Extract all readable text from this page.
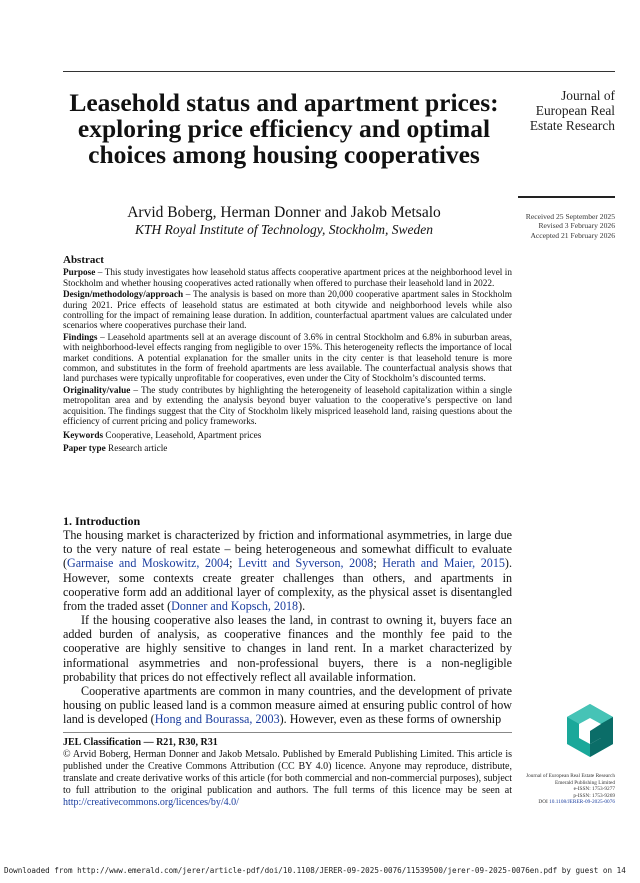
Journal of
European Real
Estate Research
Leasehold status and apartment prices: exploring price efficiency and optimal choices among housing cooperatives
Arvid Boberg, Herman Donner and Jakob Metsalo
KTH Royal Institute of Technology, Stockholm, Sweden
Received 25 September 2025
Revised 3 February 2026
Accepted 21 February 2026
Abstract

Purpose – This study investigates how leasehold status affects cooperative apartment prices at the neighborhood level in Stockholm and whether housing cooperatives acted rationally when offered to purchase their leasehold land in 2022.

Design/methodology/approach – The analysis is based on more than 20,000 cooperative apartment sales in Stockholm during 2021. Price effects of leasehold status are estimated at both citywide and neighborhood levels while also controlling for the impact of remaining lease duration. In addition, counterfactual apartment values are calculated under scenarios where cooperatives purchase their land.

Findings – Leasehold apartments sell at an average discount of 3.6% in central Stockholm and 6.8% in suburban areas, with neighborhood-level effects ranging from negligible to over 15%. This heterogeneity reflects the importance of local market conditions. A potential explanation for the smaller units in the city center is that leasehold tenure is more common, and substitutes in the form of freehold apartments are less available. The counterfactual analysis shows that land purchases were typically unprofitable for cooperatives, even under the City of Stockholm’s discounted terms.

Originality/value – The study contributes by highlighting the heterogeneity of leasehold capitalization within a single metropolitan area and by extending the analysis beyond buyer valuation to the cooperative’s perspective on land acquisition. The findings suggest that the City of Stockholm likely mispriced leasehold land, raising questions about the efficiency of current pricing and policy frameworks.

Keywords Cooperative, Leasehold, Apartment prices

Paper type Research article

1. Introduction

The housing market is characterized by friction and informational asymmetries, in large due to the very nature of real estate – being heterogeneous and somewhat difficult to evaluate (Garmaise and Moskowitz, 2004; Levitt and Syverson, 2008; Herath and Maier, 2015). However, some contexts create greater challenges than others, and apartments in cooperative form add an additional layer of complexity, as the physical asset is disentangled from the traded asset (Donner and Kopsch, 2018).

If the housing cooperative also leases the land, in contrast to owning it, buyers face an added burden of analysis, as cooperative finances and the monthly fee paid to the cooperative are highly sensitive to changes in land rent. In a market characterized by informational asymmetries and non-professional buyers, there is a non-negligible probability that prices do not effectively reflect all available information.

Cooperative apartments are common in many countries, and the development of private housing on public leased land is a common measure aimed at ensuring public control of how land is developed (Hong and Bourassa, 2003). However, even as these forms of ownership

JEL Classification — R21, R30, R31
© Arvid Boberg, Herman Donner and Jakob Metsalo. Published by Emerald Publishing Limited. This article is published under the Creative Commons Attribution (CC BY 4.0) licence. Anyone may reproduce, distribute, translate and create derivative works of this article (for both commercial and non-commercial purposes), subject to full attribution to the original publication and authors. The full terms of this licence may be seen at http://creativecommons.org/licences/by/4.0/
Journal of European Real Estate Research
Emerald Publishing Limited
e-ISSN: 1753-9277
p-ISSN: 1753-9269
DOI 10.1108/JERER-09-2025-0076
Downloaded from http://www.emerald.com/jerer/article-pdf/doi/10.1108/JERER-09-2025-0076/11539500/jerer-09-2025-0076en.pdf by guest on 14
